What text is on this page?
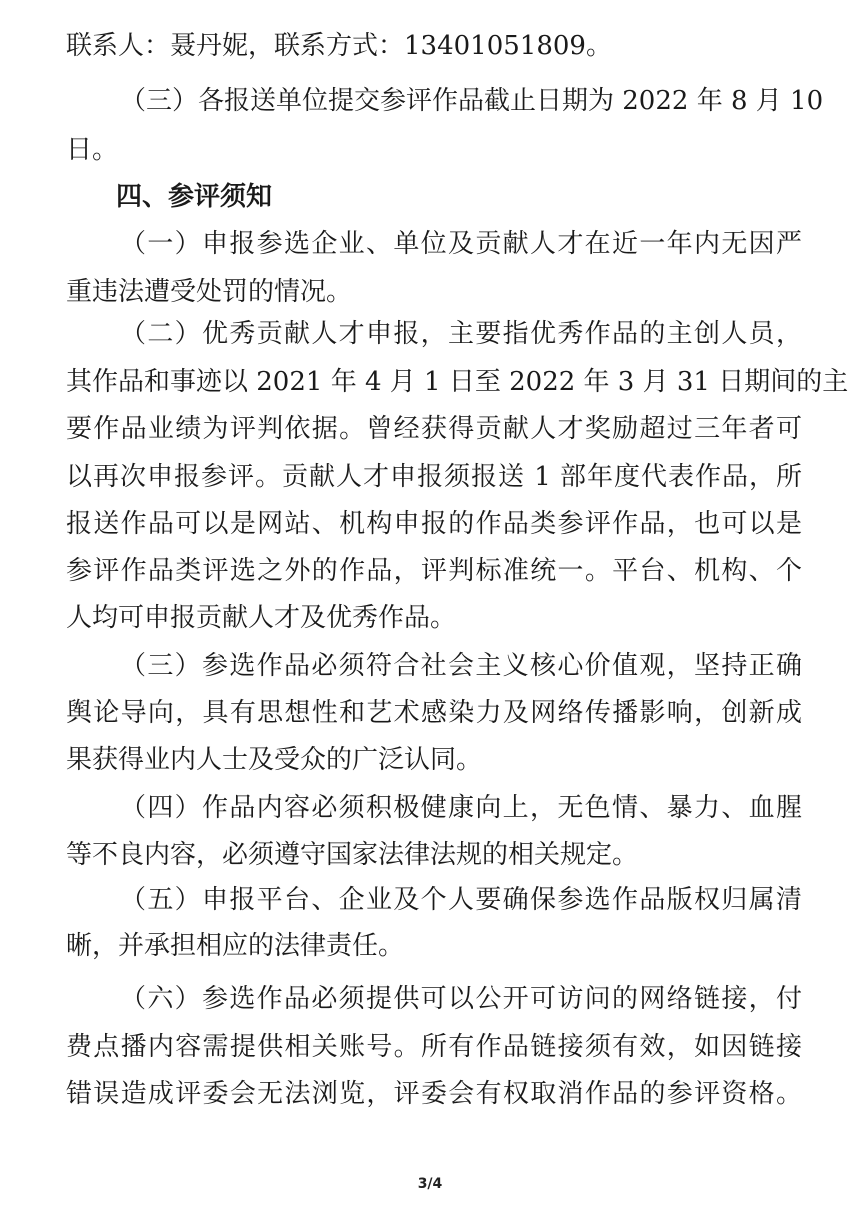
联系人：聂丹妮，联系方式：13401051809。
（三）各报送单位提交参评作品截止日期为 2022 年 8 月 10
日。
四、参评须知
（一）申报参选企业、单位及贡献人才在近一年内无因严
重违法遭受处罚的情况。
（二）优秀贡献人才申报，主要指优秀作品的主创人员，
其作品和事迹以 2021 年 4 月 1 日至 2022 年 3 月 31 日期间的主
要作品业绩为评判依据。曾经获得贡献人才奖励超过三年者可
以再次申报参评。贡献人才申报须报送 1 部年度代表作品，所
报送作品可以是网站、机构申报的作品类参评作品，也可以是
参评作品类评选之外的作品，评判标准统一。平台、机构、个
人均可申报贡献人才及优秀作品。
（三）参选作品必须符合社会主义核心价值观，坚持正确
舆论导向，具有思想性和艺术感染力及网络传播影响，创新成
果获得业内人士及受众的广泛认同。
（四）作品内容必须积极健康向上，无色情、暴力、血腥
等不良内容，必须遵守国家法律法规的相关规定。
（五）申报平台、企业及个人要确保参选作品版权归属清
晰，并承担相应的法律责任。
（六）参选作品必须提供可以公开可访问的网络链接，付
费点播内容需提供相关账号。所有作品链接须有效，如因链接
错误造成评委会无法浏览，评委会有权取消作品的参评资格。
3/4
